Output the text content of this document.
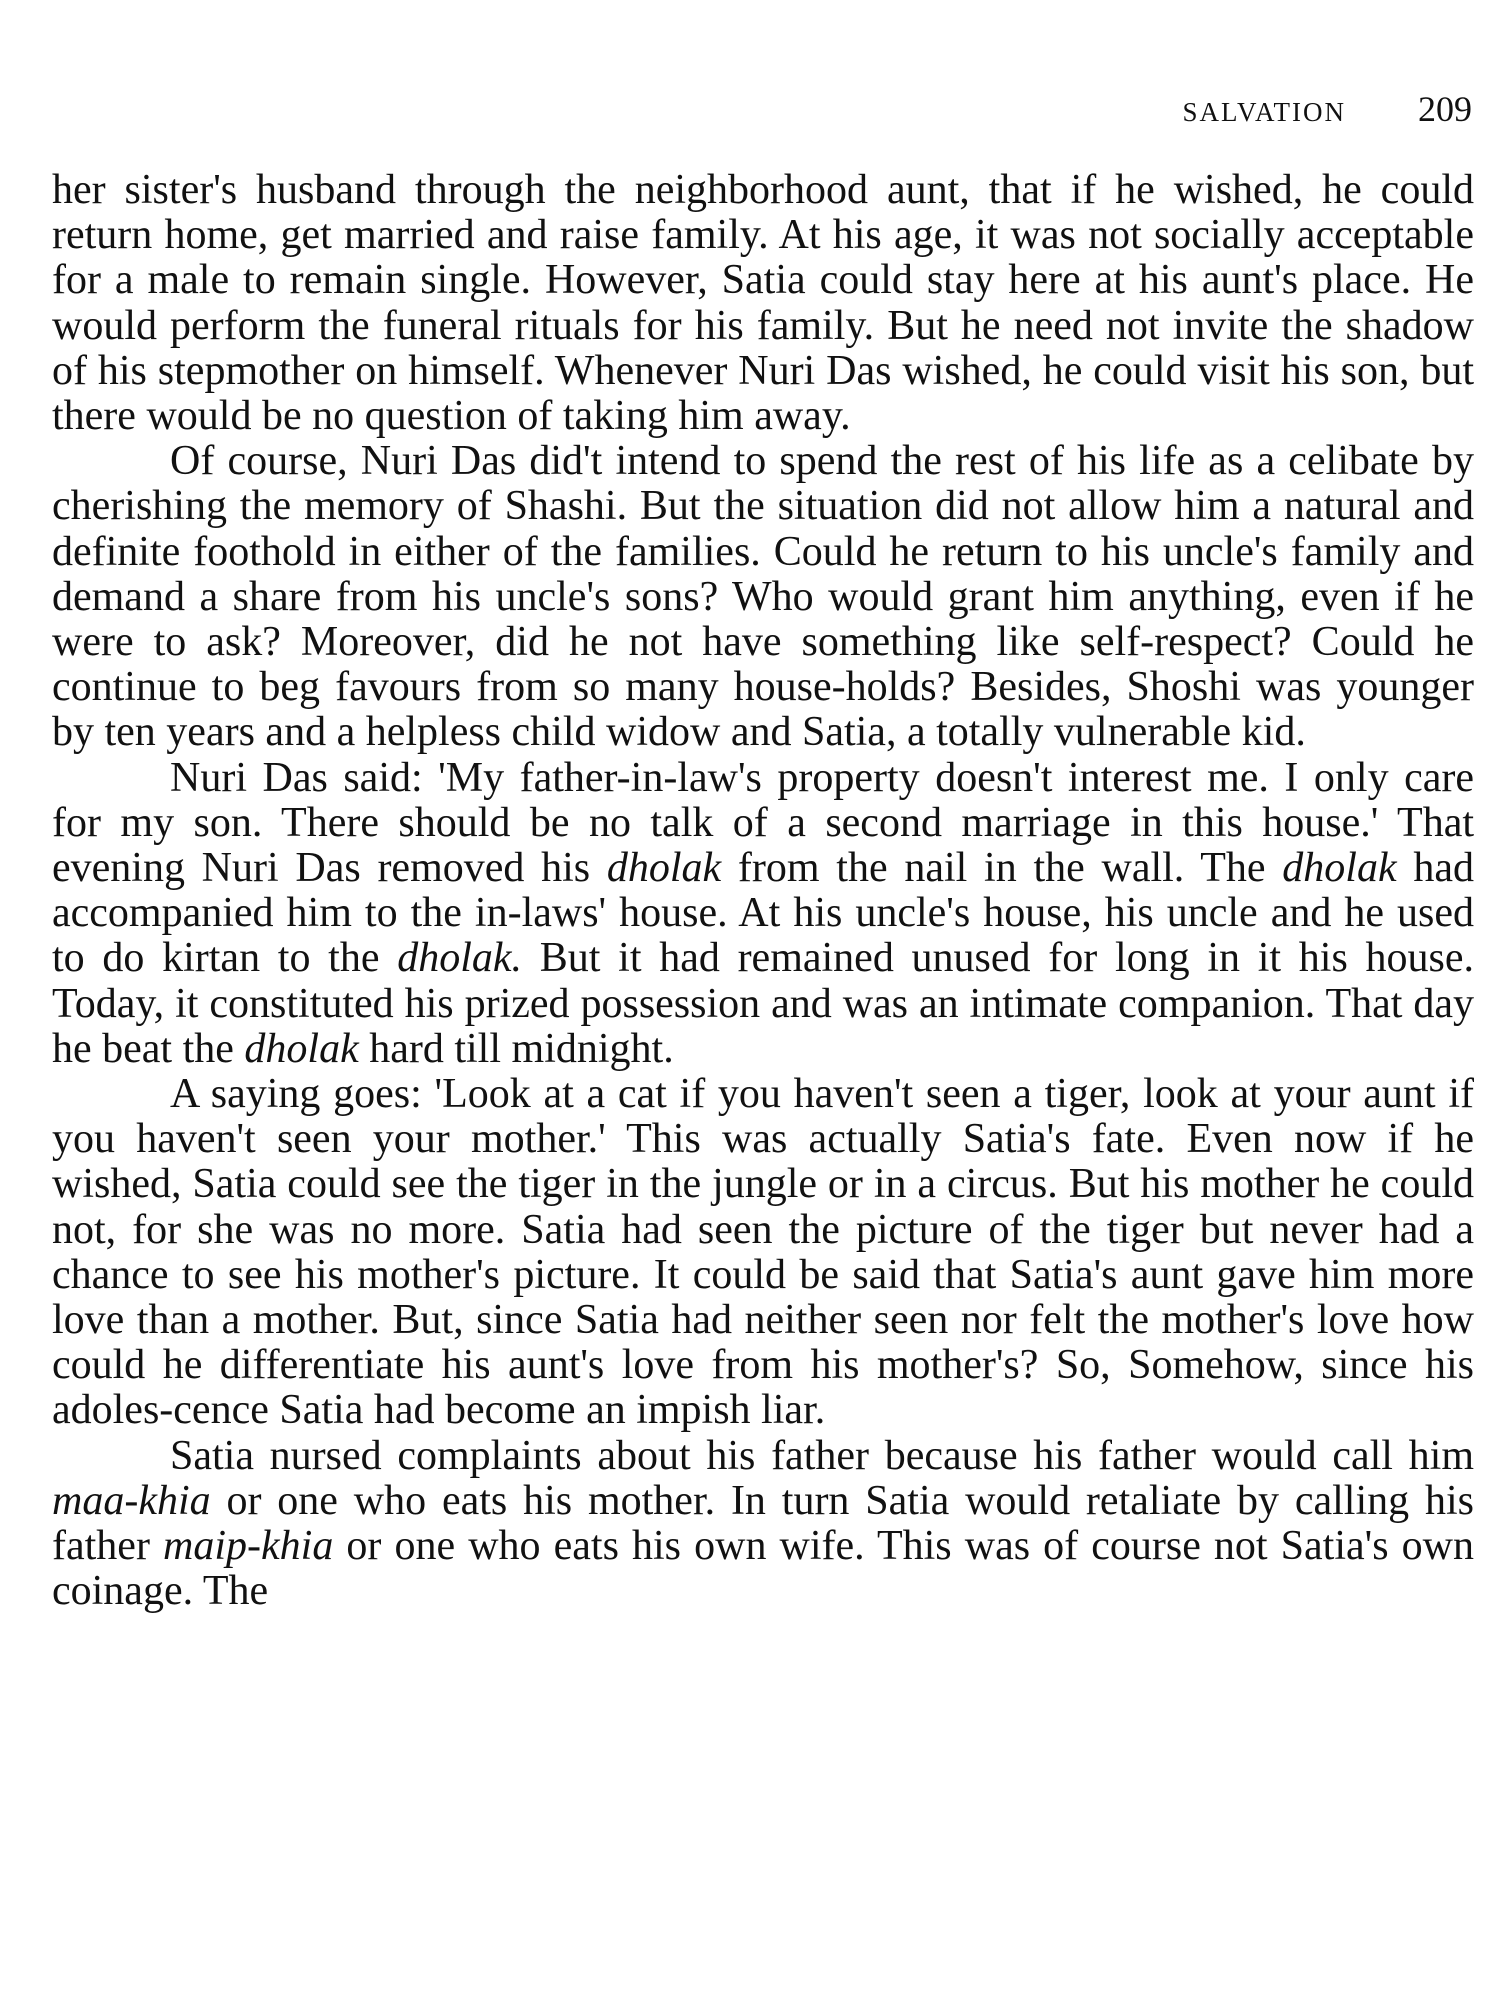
SALVATION 209

her sister's husband through the neighborhood aunt, that if he wished, he could return home, get married and raise family. At his age, it was not socially acceptable for a male to remain single. However, Satia could stay here at his aunt's place. He would perform the funeral rituals for his family. But he need not invite the shadow of his stepmother on himself. Whenever Nuri Das wished, he could visit his son, but there would be no question of taking him away.

Of course, Nuri Das did't intend to spend the rest of his life as a celibate by cherishing the memory of Shashi. But the situation did not allow him a natural and definite foothold in either of the families. Could he return to his uncle's family and demand a share from his uncle's sons? Who would grant him anything, even if he were to ask? Moreover, did he not have something like self-respect? Could he continue to beg favours from so many house-holds? Besides, Shoshi was younger by ten years and a helpless child widow and Satia, a totally vulnerable kid.

Nuri Das said: 'My father-in-law's property doesn't interest me. I only care for my son. There should be no talk of a second marriage in this house.' That evening Nuri Das removed his dholak from the nail in the wall. The dholak had accompanied him to the in-laws' house. At his uncle's house, his uncle and he used to do kirtan to the dholak. But it had remained unused for long in it his house. Today, it constituted his prized possession and was an intimate companion. That day he beat the dholak hard till midnight.

A saying goes: 'Look at a cat if you haven't seen a tiger, look at your aunt if you haven't seen your mother.' This was actually Satia's fate. Even now if he wished, Satia could see the tiger in the jungle or in a circus. But his mother he could not, for she was no more. Satia had seen the picture of the tiger but never had a chance to see his mother's picture. It could be said that Satia's aunt gave him more love than a mother. But, since Satia had neither seen nor felt the mother's love how could he differentiate his aunt's love from his mother's? So, Somehow, since his adoles-cence Satia had become an impish liar.

Satia nursed complaints about his father because his father would call him maa-khia or one who eats his mother. In turn Satia would retaliate by calling his father maip-khia or one who eats his own wife. This was of course not Satia's own coinage. The
